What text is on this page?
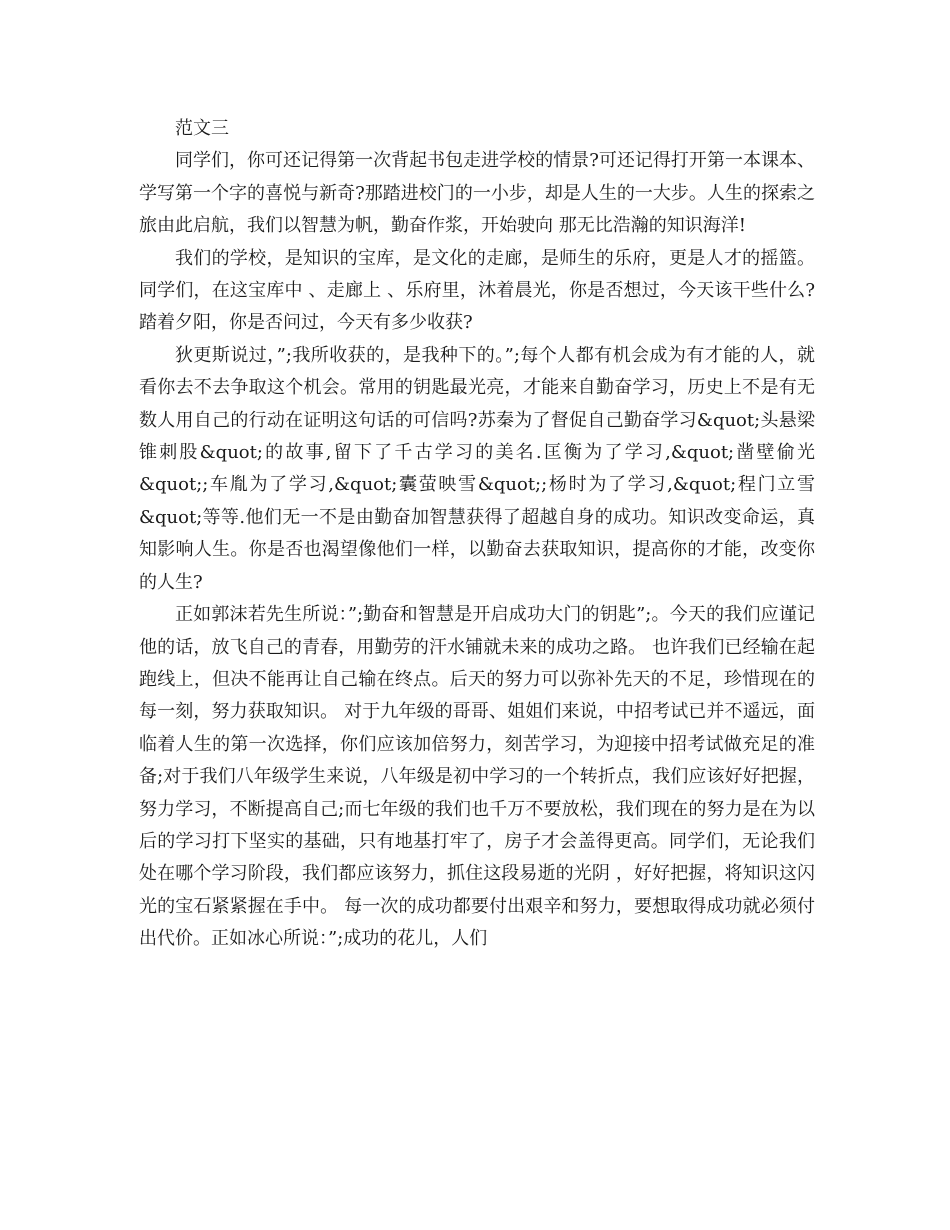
范文三

同学们，你可还记得第一次背起书包走进学校的情景?可还记得打开第一本课本、学写第一个字的喜悦与新奇?那踏进校门的一小步，却是人生的一大步。人生的探索之旅由此启航，我们以智慧为帆，勤奋作浆，开始驶向 那无比浩瀚的知识海洋!

我们的学校，是知识的宝库，是文化的走廊，是师生的乐府，更是人才的摇篮。同学们，在这宝库中 、走廊上 、乐府里，沐着晨光，你是否想过，今天该干些什么?踏着夕阳，你是否问过，今天有多少收获?

狄更斯说过，”;我所收获的，是我种下的。”;每个人都有机会成为有才能的人，就看你去不去争取这个机会。常用的钥匙最光亮，才能来自勤奋学习，历史上不是有无数人用自己的行动在证明这句话的可信吗?苏秦为了督促自己勤奋学习&quot;头悬梁锥刺股&quot;的故事,留下了千古学习的美名.匡衡为了学习,&quot;凿壁偷光&quot;;车胤为了学习,&quot;囊萤映雪&quot;;杨时为了学习,&quot;程门立雪&quot;等等.他们无一不是由勤奋加智慧获得了超越自身的成功。知识改变命运，真知影响人生。你是否也渴望像他们一样，以勤奋去获取知识，提高你的才能，改变你的人生?

正如郭沫若先生所说：”;勤奋和智慧是开启成功大门的钥匙”;。今天的我们应谨记他的话，放飞自己的青春，用勤劳的汗水铺就未来的成功之路。 也许我们已经输在起跑线上，但决不能再让自己输在终点。后天的努力可以弥补先天的不足，珍惜现在的每一刻，努力获取知识。 对于九年级的哥哥、姐姐们来说，中招考试已并不遥远，面临着人生的第一次选择，你们应该加倍努力，刻苦学习，为迎接中招考试做充足的准备;对于我们八年级学生来说，八年级是初中学习的一个转折点，我们应该好好把握，努力学习，不断提高自己;而七年级的我们也千万不要放松，我们现在的努力是在为以后的学习打下坚实的基础，只有地基打牢了，房子才会盖得更高。同学们，无论我们处在哪个学习阶段，我们都应该努力，抓住这段易逝的光阴 ，好好把握，将知识这闪光的宝石紧紧握在手中。 每一次的成功都要付出艰辛和努力，要想取得成功就必须付出代价。正如冰心所说：”;成功的花儿，人们
